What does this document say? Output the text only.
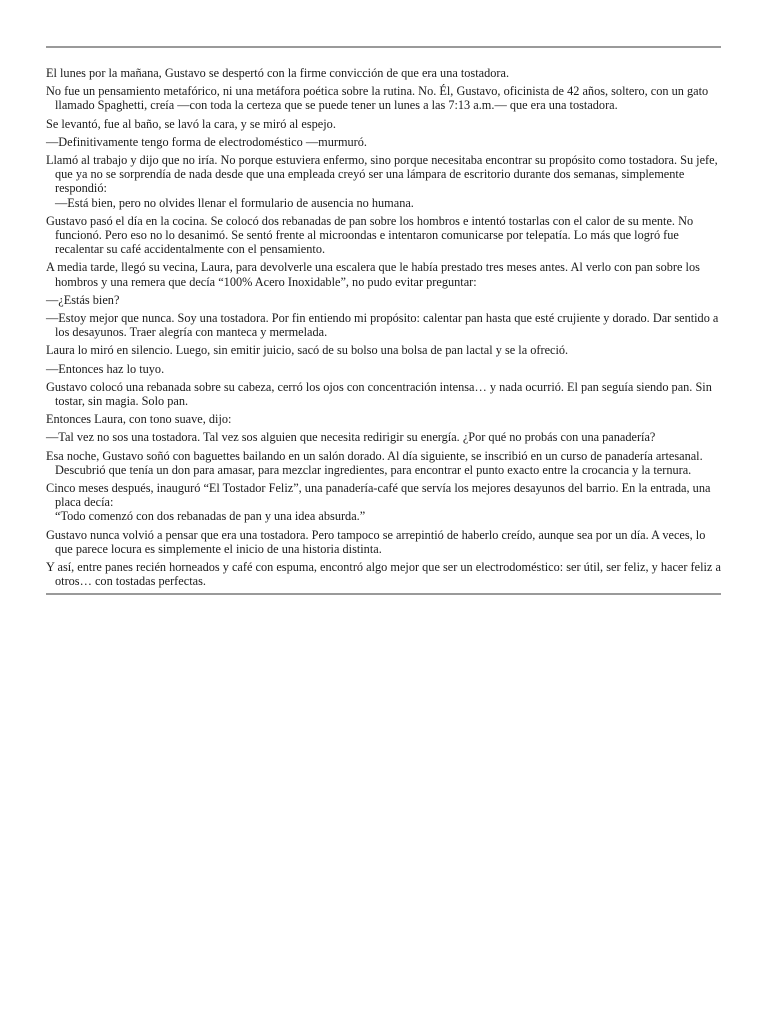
El lunes por la mañana, Gustavo se despertó con la firme convicción de que era una tostadora.

No fue un pensamiento metafórico, ni una metáfora poética sobre la rutina. No. Él, Gustavo, oficinista de 42 años, soltero, con un gato llamado Spaghetti, creía —con toda la certeza que se puede tener un lunes a las 7:13 a.m.— que era una tostadora.

Se levantó, fue al baño, se lavó la cara, y se miró al espejo.

—Definitivamente tengo forma de electrodoméstico —murmuró.

Llamó al trabajo y dijo que no iría. No porque estuviera enfermo, sino porque necesitaba encontrar su propósito como tostadora. Su jefe, que ya no se sorprendía de nada desde que una empleada creyó ser una lámpara de escritorio durante dos semanas, simplemente respondió:
—Está bien, pero no olvides llenar el formulario de ausencia no humana.

Gustavo pasó el día en la cocina. Se colocó dos rebanadas de pan sobre los hombros e intentó tostarlas con el calor de su mente. No funcionó. Pero eso no lo desanimó. Se sentó frente al microondas e intentaron comunicarse por telepatía. Lo más que logró fue recalentar su café accidentalmente con el pensamiento.

A media tarde, llegó su vecina, Laura, para devolverle una escalera que le había prestado tres meses antes. Al verlo con pan sobre los hombros y una remera que decía “100% Acero Inoxidable”, no pudo evitar preguntar:

—¿Estás bien?

—Estoy mejor que nunca. Soy una tostadora. Por fin entiendo mi propósito: calentar pan hasta que esté crujiente y dorado. Dar sentido a los desayunos. Traer alegría con manteca y mermelada.

Laura lo miró en silencio. Luego, sin emitir juicio, sacó de su bolso una bolsa de pan lactal y se la ofreció.

—Entonces haz lo tuyo.

Gustavo colocó una rebanada sobre su cabeza, cerró los ojos con concentración intensa… y nada ocurrió. El pan seguía siendo pan. Sin tostar, sin magia. Solo pan.

Entonces Laura, con tono suave, dijo:

—Tal vez no sos una tostadora. Tal vez sos alguien que necesita redirigir su energía. ¿Por qué no probás con una panadería?

Esa noche, Gustavo soñó con baguettes bailando en un salón dorado. Al día siguiente, se inscribió en un curso de panadería artesanal. Descubrió que tenía un don para amasar, para mezclar ingredientes, para encontrar el punto exacto entre la crocancia y la ternura.

Cinco meses después, inauguró “El Tostador Feliz”, una panadería-café que servía los mejores desayunos del barrio. En la entrada, una placa decía:
“Todo comenzó con dos rebanadas de pan y una idea absurda.”

Gustavo nunca volvió a pensar que era una tostadora. Pero tampoco se arrepintió de haberlo creído, aunque sea por un día. A veces, lo que parece locura es simplemente el inicio de una historia distinta.

Y así, entre panes recién horneados y café con espuma, encontró algo mejor que ser un electrodoméstico: ser útil, ser feliz, y hacer feliz a otros… con tostadas perfectas.
